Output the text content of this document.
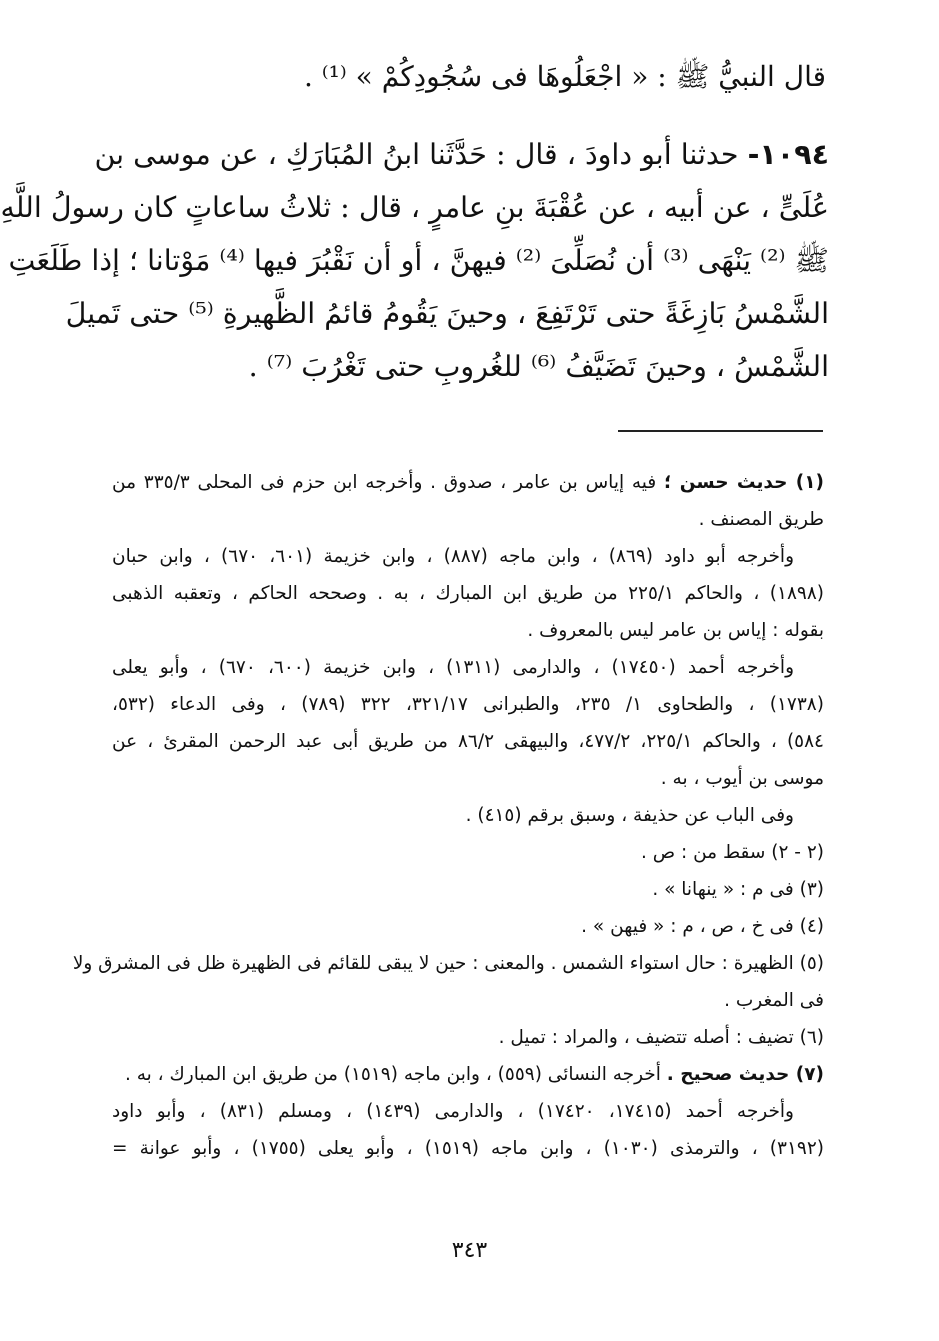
قال النبيُّ ﷺ : « اجْعَلُوهَا فى سُجُودِكُمْ » ⁽¹⁾ .
١٠٩٤- حدثنا أبو داودَ ، قال : حَدَّثَنا ابنُ المُبَارَكِ ، عن موسى بن
عُلَىٍّ ، عن أبيه ، عن عُقْبَةَ بنِ عامرٍ ، قال : ثلاثُ ساعاتٍ كان رسولُ اللَّهِ
ﷺ ⁽²⁾ يَنْهَى ⁽³⁾ أن نُصَلِّىَ ⁽²⁾ فيهنَّ ، أو أن نَقْبُرَ فيها ⁽⁴⁾ مَوْتانا ؛ إذا طَلَعَتِ
الشَّمْسُ بَازِغَةً حتى تَرْتَفِعَ ، وحينَ يَقُومُ قائمُ الظَّهيرةِ ⁽⁵⁾ حتى تَميلَ
الشَّمْسُ ، وحينَ تَضَيَّفُ ⁽⁶⁾ للغُروبِ حتى تَغْرُبَ ⁽⁷⁾ .
(١) حديث حسن ؛ فيه إياس بن عامر ، صدوق . وأخرجه ابن حزم فى المحلى ٣٣٥/٣ من
طريق المصنف .
وأخرجه أبو داود (٨٦٩) ، وابن ماجه (٨٨٧) ، وابن خزيمة (٦٠١، ٦٧٠) ، وابن حبان
(١٨٩٨) ، والحاكم ٢٢٥/١ من طريق ابن المبارك ، به . وصححه الحاكم ، وتعقبه الذهبى
بقوله : إياس بن عامر ليس بالمعروف .
وأخرجه أحمد (١٧٤٥٠) ، والدارمى (١٣١١) ، وابن خزيمة (٦٠٠، ٦٧٠) ، وأبو يعلى
(١٧٣٨) ، والطحاوى ١/ ٢٣٥، والطبرانى ٣٢١/١٧، ٣٢٢ (٧٨٩) ، وفى الدعاء (٥٣٢،
٥٨٤) ، والحاكم ٢٢٥/١، ٤٧٧/٢، والبيهقى ٨٦/٢ من طريق أبى عبد الرحمن المقرئ ، عن
موسى بن أيوب ، به .
وفى الباب عن حذيفة ، وسبق برقم (٤١٥) .
(٢ - ٢) سقط من : ص .
(٣) فى م : « ينهانا » .
(٤) فى خ ، ص ، م : « فيهن » .
(٥) الظهيرة : حال استواء الشمس . والمعنى : حين لا يبقى للقائم فى الظهيرة ظل فى المشرق ولا
فى المغرب .
(٦) تضيف : أصله تتضيف ، والمراد : تميل .
(٧) حديث صحيح . أخرجه النسائى (٥٥٩) ، وابن ماجه (١٥١٩) من طريق ابن المبارك ، به .
وأخرجه أحمد (١٧٤١٥، ١٧٤٢٠) ، والدارمى (١٤٣٩) ، ومسلم (٨٣١) ، وأبو داود
(٣١٩٢) ، والترمذى (١٠٣٠) ، وابن ماجه (١٥١٩) ، وأبو يعلى (١٧٥٥) ، وأبو عوانة =
٣٤٣
